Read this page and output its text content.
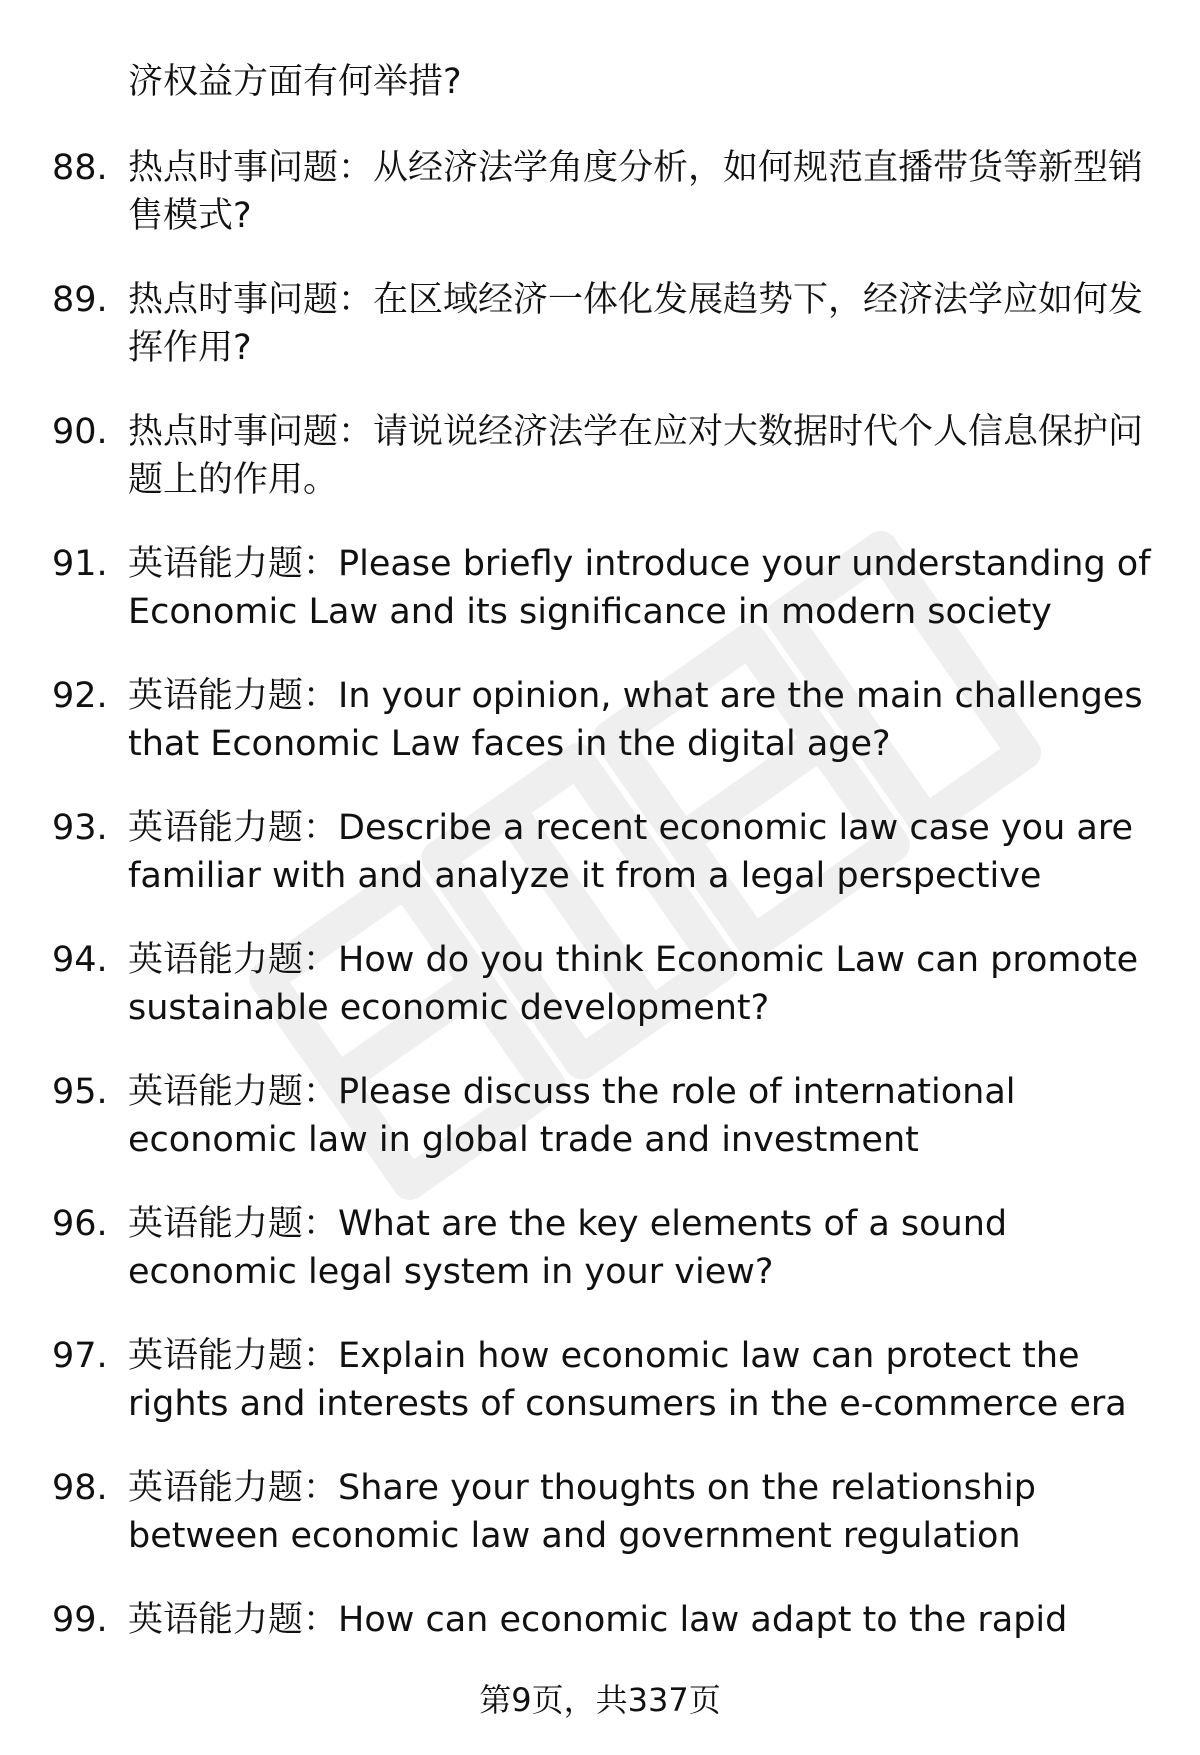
济权益方面有何举措?
88. 热点时事问题：从经济法学角度分析，如何规范直播带货等新型销售模式?
89. 热点时事问题：在区域经济一体化发展趋势下，经济法学应如何发挥作用?
90. 热点时事问题：请说说经济法学在应对大数据时代个人信息保护问题上的作用。
91. 英语能力题：Please briefly introduce your understanding of Economic Law and its significance in modern society
92. 英语能力题：In your opinion, what are the main challenges that Economic Law faces in the digital age?
93. 英语能力题：Describe a recent economic law case you are familiar with and analyze it from a legal perspective
94. 英语能力题：How do you think Economic Law can promote sustainable economic development?
95. 英语能力题：Please discuss the role of international economic law in global trade and investment
96. 英语能力题：What are the key elements of a sound economic legal system in your view?
97. 英语能力题：Explain how economic law can protect the rights and interests of consumers in the e-commerce era
98. 英语能力题：Share your thoughts on the relationship between economic law and government regulation
99. 英语能力题：How can economic law adapt to the rapid
第9页，共337页
